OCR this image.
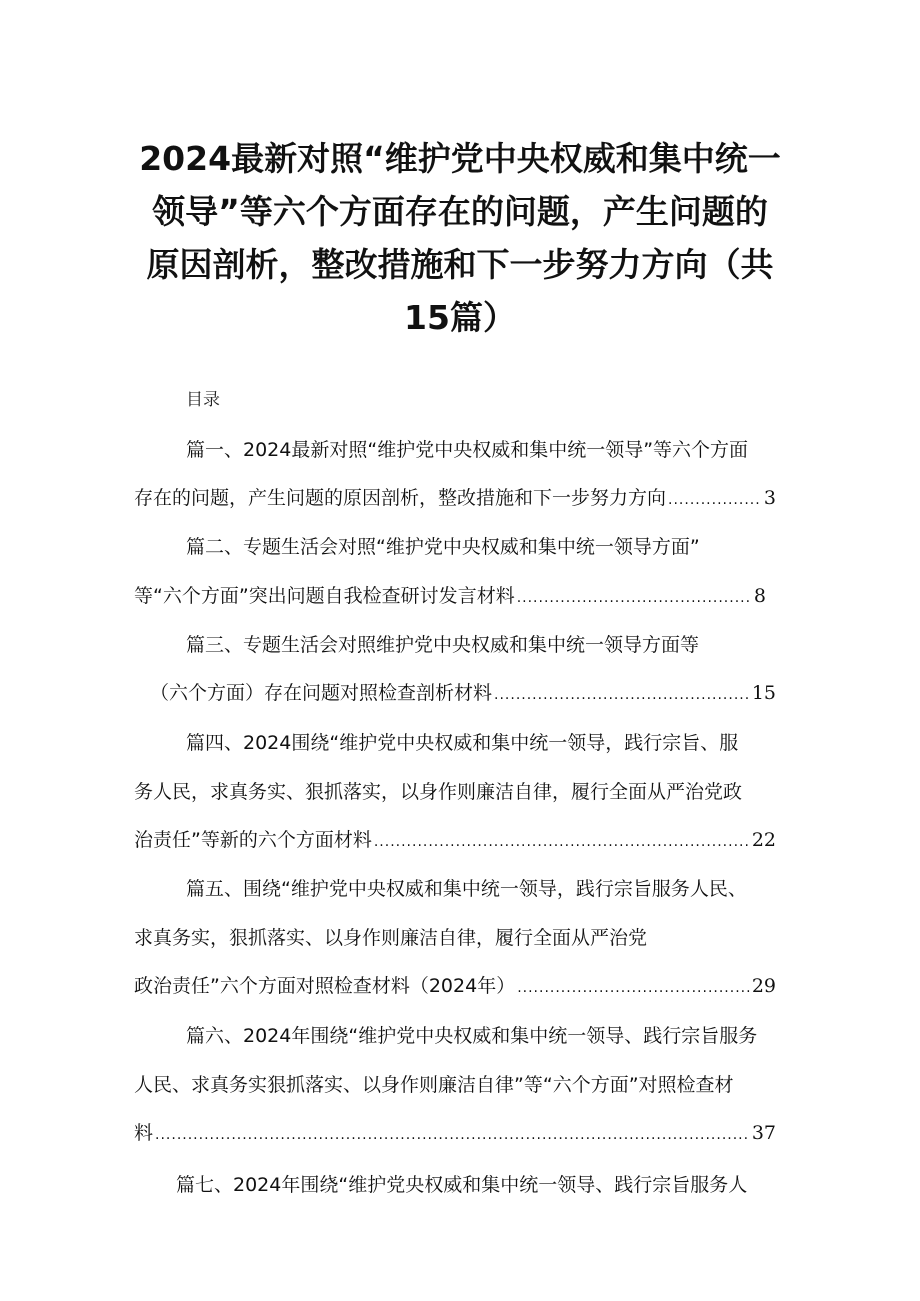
2024最新对照“维护党中央权威和集中统一
领导”等六个方面存在的问题，产生问题的
原因剖析，整改措施和下一步努力方向（共
15篇）
目录
篇一、2024最新对照“维护党中央权威和集中统一领导”等六个方面
存在的问题，产生问题的原因剖析，整改措施和下一步努力方向 .....	3
篇二、专题生活会对照“维护党中央权威和集中统一领导方面”
等“六个方面”突出问题自我检查研讨发言材料 .....	8
篇三、专题生活会对照维护党中央权威和集中统一领导方面等
（六个方面）存在问题对照检查剖析材料 .....	15
篇四、2024围绕“维护党中央权威和集中统一领导，践行宗旨、服
务人民，求真务实、狠抓落实，以身作则廉洁自律，履行全面从严治党政
治责任”等新的六个方面材料 .....	22
篇五、围绕“维护党中央权威和集中统一领导，践行宗旨服务人民、
求真务实，狠抓落实、以身作则廉洁自律，履行全面从严治党
政治责任”六个方面对照检查材料（2024年） .....	29
篇六、2024年围绕“维护党中央权威和集中统一领导、践行宗旨服务
人民、求真务实狠抓落实、以身作则廉洁自律”等“六个方面”对照检查材
料 .....	37
篇七、2024年围绕“维护党央权威和集中统一领导、践行宗旨服务人
